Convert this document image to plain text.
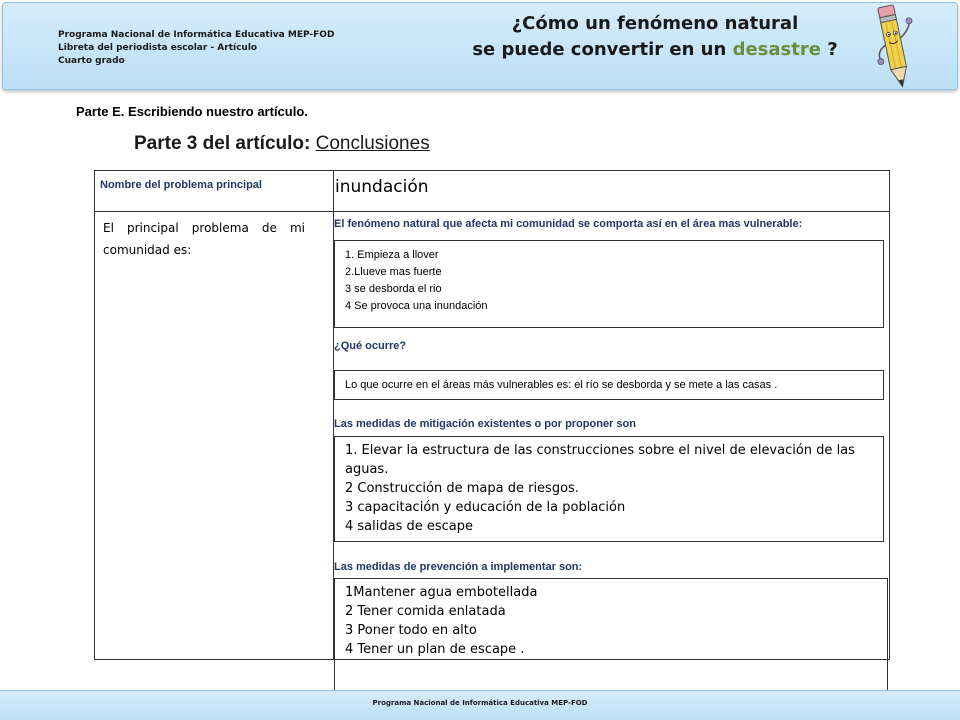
Programa Nacional de Informática Educativa MEP-FOD
Libreta del periodista escolar - Artículo
Cuarto grado
¿Cómo un fenómeno natural
se puede convertir en un desastre ?
Parte E. Escribiendo nuestro artículo.
Parte 3 del artículo: Conclusiones
Nombre del problema principal	inundación
El principal problema de mi comunidad es:
El fenómeno natural que afecta mi comunidad se comporta así en el área mas vulnerable:
1. Empieza a llover
2.Llueve mas fuerte
3 se desborda el rio
4 Se provoca una inundación
¿Qué ocurre?
Lo que ocurre en el áreas más vulnerables es: el río se desborda y se mete a las casas .
Las medidas de mitigación existentes o por proponer son
1. Elevar la estructura de las construcciones sobre el nivel de elevación de las aguas.
2 Construcción de mapa de riesgos.
3 capacitación y educación de la población
4 salidas de escape
Las medidas de prevención a implementar son:
1Mantener agua embotellada
2 Tener comida enlatada
3 Poner todo en alto
4 Tener un plan de escape .
Programa Nacional de Informática Educativa MEP-FOD
